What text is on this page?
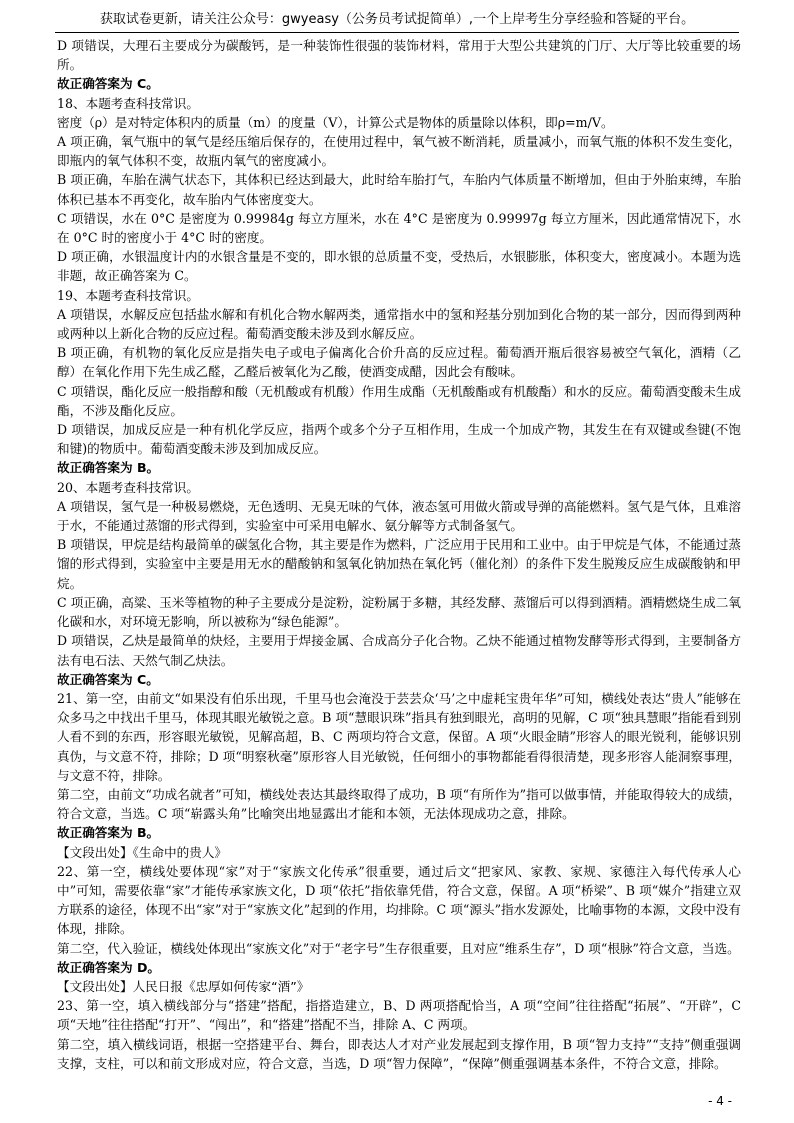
获取试卷更新，请关注公众号：gwyeasy（公务员考试捉简单）,一个上岸考生分享经验和答疑的平台。

D 项错误，大理石主要成分为碳酸钙，是一种装饰性很强的装饰材料，常用于大型公共建筑的门厅、大厅等比较重要的场所。

故正确答案为 C。

18、本题考查科技常识。

密度（ρ）是对特定体积内的质量（m）的度量（V），计算公式是物体的质量除以体积，即ρ=m/V。

A 项正确，氧气瓶中的氧气是经压缩后保存的，在使用过程中，氧气被不断消耗，质量减小，而氧气瓶的体积不发生变化，即瓶内的氧气体积不变，故瓶内氧气的密度减小。

B 项正确，车胎在满气状态下，其体积已经达到最大，此时给车胎打气，车胎内气体质量不断增加，但由于外胎束缚，车胎体积已基本不再变化，故车胎内气体密度变大。

C 项错误，水在 0°C 是密度为 0.99984g 每立方厘米，水在 4°C 是密度为 0.99997g 每立方厘米，因此通常情况下，水在 0°C 时的密度小于 4°C 时的密度。

D 项正确，水银温度计内的水银含量是不变的，即水银的总质量不变，受热后，水银膨胀，体积变大，密度减小。本题为选非题，故正确答案为 C。

19、本题考查科技常识。

A 项错误，水解反应包括盐水解和有机化合物水解两类，通常指水中的氢和羟基分别加到化合物的某一部分，因而得到两种或两种以上新化合物的反应过程。葡萄酒变酸未涉及到水解反应。

B 项正确，有机物的氧化反应是指失电子或电子偏离化合价升高的反应过程。葡萄酒开瓶后很容易被空气氧化，酒精（乙醇）在氧化作用下先生成乙醛，乙醛后被氧化为乙酸，使酒变成醋，因此会有酸味。

C 项错误，酯化反应一般指醇和酸（无机酸或有机酸）作用生成酯（无机酸酯或有机酸酯）和水的反应。葡萄酒变酸未生成酯，不涉及酯化反应。

D 项错误，加成反应是一种有机化学反应，指两个或多个分子互相作用，生成一个加成产物，其发生在有双键或叁键(不饱和键)的物质中。葡萄酒变酸未涉及到加成反应。

故正确答案为 B。

20、本题考查科技常识。

A 项错误，氢气是一种极易燃烧，无色透明、无臭无味的气体，液态氢可用做火箭或导弹的高能燃料。氢气是气体，且难溶于水，不能通过蒸馏的形式得到，实验室中可采用电解水、氨分解等方式制备氢气。

B 项错误，甲烷是结构最简单的碳氢化合物，其主要是作为燃料，广泛应用于民用和工业中。由于甲烷是气体，不能通过蒸馏的形式得到，实验室中主要是用无水的醋酸钠和氢氧化钠加热在氧化钙（催化剂）的条件下发生脱羧反应生成碳酸钠和甲烷。

C 项正确，高粱、玉米等植物的种子主要成分是淀粉，淀粉属于多糖，其经发酵、蒸馏后可以得到酒精。酒精燃烧生成二氧化碳和水，对环境无影响，所以被称为“绿色能源”。

D 项错误，乙炔是最简单的炔烃，主要用于焊接金属、合成高分子化合物。乙炔不能通过植物发酵等形式得到，主要制备方法有电石法、天然气制乙炔法。

故正确答案为 C。

21、第一空，由前文“如果没有伯乐出现，千里马也会淹没于芸芸众‘马’之中虚耗宝贵年华”可知，横线处表达“贵人”能够在众多马之中找出千里马，体现其眼光敏锐之意。B 项“慧眼识珠”指具有独到眼光，高明的见解，C 项“独具慧眼”指能看到别人看不到的东西，形容眼光敏锐，见解高超，B、C 两项均符合文意，保留。A 项“火眼金睛”形容人的眼光锐利，能够识别真伪，与文意不符，排除；D 项“明察秋毫”原形容人目光敏锐，任何细小的事物都能看得很清楚，现多形容人能洞察事理，与文意不符，排除。

第二空，由前文“功成名就者”可知，横线处表达其最终取得了成功，B 项“有所作为”指可以做事情，并能取得较大的成绩，符合文意，当选。C 项“崭露头角”比喻突出地显露出才能和本领，无法体现成功之意，排除。

故正确答案为 B。

【文段出处】《生命中的贵人》

22、第一空，横线处要体现“家”对于“家族文化传承”很重要，通过后文“把家风、家教、家规、家德注入每代传承人心中”可知，需要依靠“家”才能传承家族文化，D 项“依托”指依靠凭借，符合文意，保留。A 项“桥梁”、B 项“媒介”指建立双方联系的途径，体现不出“家”对于“家族文化”起到的作用，均排除。C 项“源头”指水发源处，比喻事物的本源，文段中没有体现，排除。

第二空，代入验证，横线处体现出“家族文化”对于“老字号”生存很重要，且对应“维系生存”，D 项“根脉”符合文意，当选。

故正确答案为 D。

【文段出处】人民日报《忠厚如何传家“酒”》

23、第一空，填入横线部分与“搭建”搭配，指搭造建立，B、D 两项搭配恰当，A 项“空间”往往搭配“拓展”、“开辟”，C 项“天地”往往搭配“打开”、“闯出”，和“搭建”搭配不当，排除 A、C 两项。

第二空，填入横线词语，根据一空搭建平台、舞台，即表达人才对产业发展起到支撑作用，B 项“智力支持”“支持”侧重强调支撑，支柱，可以和前文形成对应，符合文意，当选，D 项“智力保障”，“保障”侧重强调基本条件，不符合文意，排除。

- 4 -
